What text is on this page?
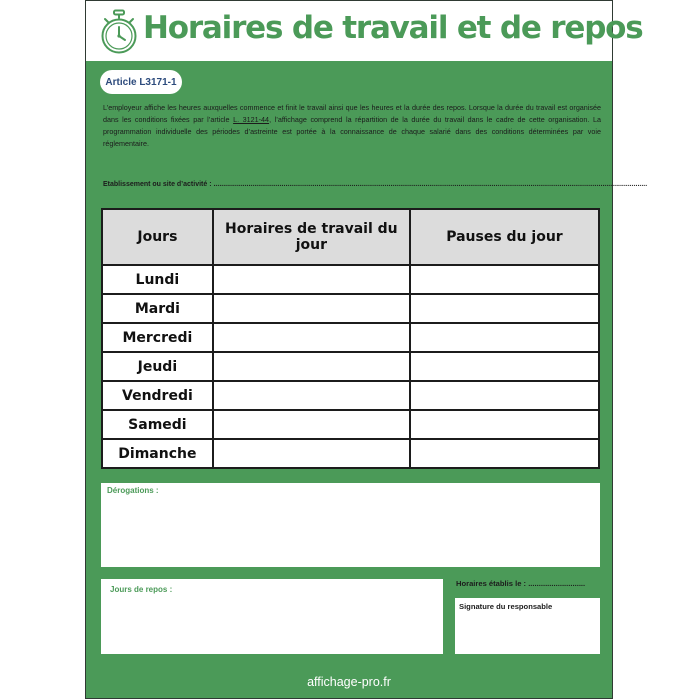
Horaires de travail et de repos
Article L3171-1
L’employeur affiche les heures auxquelles commence et finit le travail ainsi que les heures et la durée des repos. Lorsque la durée du travail est organisée dans les conditions fixées par l’article L. 3121-44, l’affichage comprend la répartition de la durée du travail dans le cadre de cette organisation. La programmation individuelle des périodes d’astreinte est portée à la connaissance de chaque salarié dans des conditions déterminées par voie réglementaire.
Etablissement ou site d’activité : ...............................................................................................................................................................................................................................
Jours	Horaires de travail du jour	Pauses du jour
Lundi		
Mardi		
Mercredi		
Jeudi		
Vendredi		
Samedi		
Dimanche		
Dérogations :
Jours de repos :
Horaires établis le : ...........................
Signature du responsable
affichage-pro.fr
